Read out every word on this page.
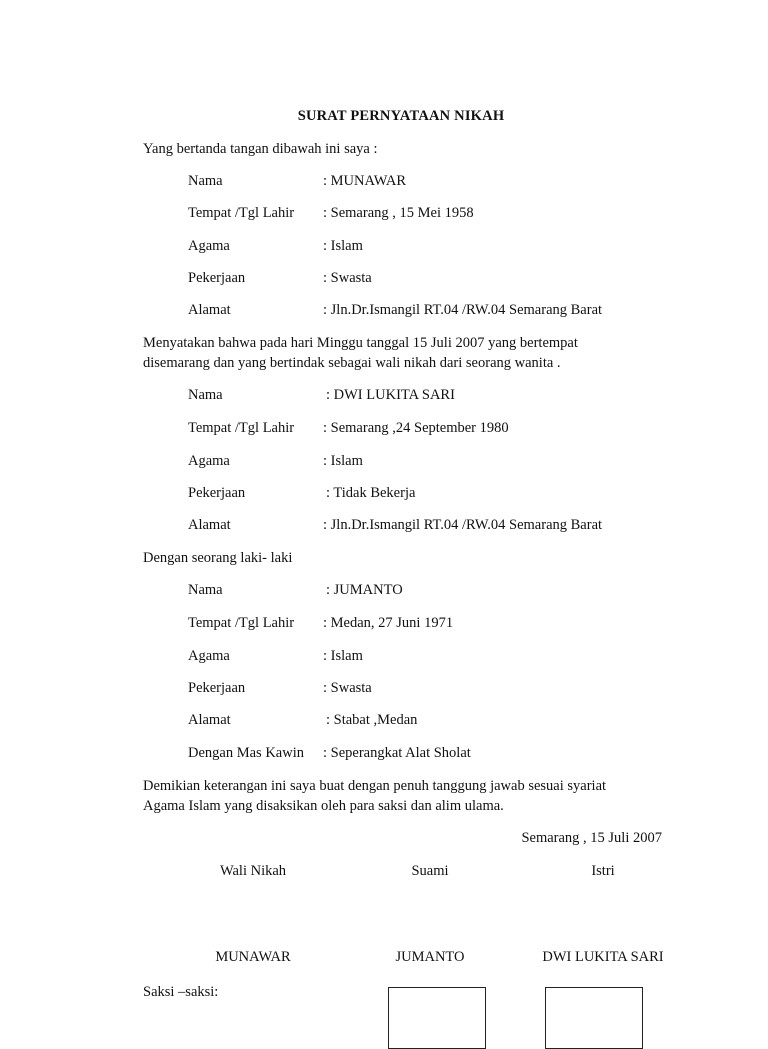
SURAT PERNYATAAN NIKAH
Yang bertanda tangan dibawah ini saya :
Nama	: MUNAWAR
Tempat /Tgl Lahir : Semarang , 15 Mei 1958
Agama	: Islam
Pekerjaan	: Swasta
Alamat	: Jln.Dr.Ismangil RT.04 /RW.04 Semarang Barat
Menyatakan bahwa pada hari Minggu tanggal 15 Juli 2007 yang bertempat
disemarang dan yang bertindak sebagai wali nikah dari seorang wanita .
Nama	: DWI LUKITA SARI
Tempat /Tgl Lahir : Semarang ,24 September 1980
Agama	: Islam
Pekerjaan	: Tidak Bekerja
Alamat	: Jln.Dr.Ismangil RT.04 /RW.04 Semarang Barat
Dengan seorang laki- laki
Nama	: JUMANTO
Tempat /Tgl Lahir : Medan, 27 Juni 1971
Agama	: Islam
Pekerjaan	: Swasta
Alamat	: Stabat ,Medan
Dengan Mas Kawin : Seperangkat Alat Sholat
Demikian keterangan ini saya buat dengan penuh tanggung jawab sesuai syariat
Agama Islam yang disaksikan oleh para saksi dan alim ulama.
Semarang , 15 Juli 2007
Wali Nikah	Suami	Istri
MUNAWAR	JUMANTO	DWI LUKITA SARI
Saksi –saksi:
